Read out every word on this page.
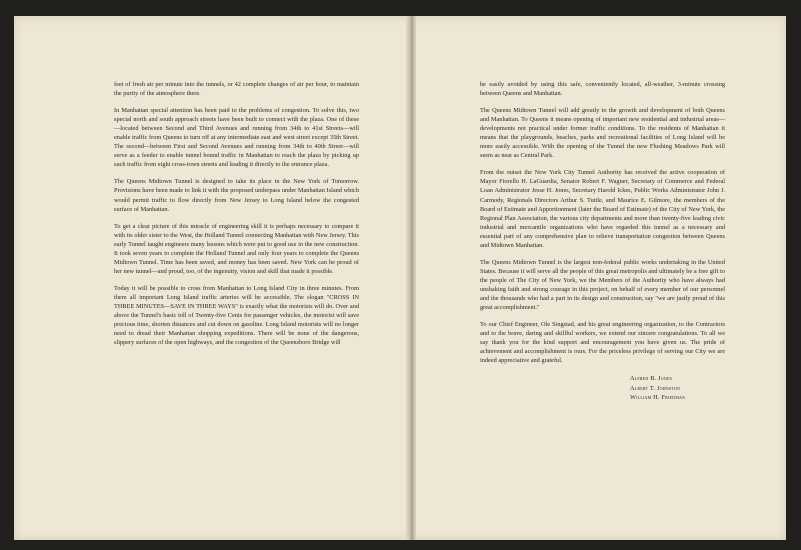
feet of fresh air per minute into the tunnels, or 42 complete changes of air per hour, to maintain the purity of the atmosphere there.

In Manhattan special attention has been paid to the problems of congestion. To solve this, two special north and south approach streets have been built to connect with the plaza. One of these—located between Second and Third Avenues and running from 34th to 41st Streets—will enable traffic from Queens to turn off at any intermediate east and west street except 35th Street. The second—between First and Second Avenues and running from 34th to 40th Street—will serve as a feeder to enable tunnel bound traffic in Manhattan to reach the plaza by picking up such traffic from eight cross-town streets and leading it directly to the entrance plaza.

The Queens Midtown Tunnel is designed to take its place in the New York of Tomorrow. Provisions have been made to link it with the proposed underpass under Manhattan Island which would permit traffic to flow directly from New Jersey to Long Island below the congested surface of Manhattan.

To get a clear picture of this miracle of engineering skill it is perhaps necessary to compare it with its older sister to the West, the Holland Tunnel connecting Manhattan with New Jersey. This early Tunnel taught engineers many lessons which were put to good use in the new construction. It took seven years to complete the Holland Tunnel and only four years to complete the Queens Midtown Tunnel. Time has been saved, and money has been saved. New York can be proud of her new tunnel—and proud, too, of the ingenuity, vision and skill that made it possible.

Today it will be possible to cross from Manhattan to Long Island City in three minutes. From there all important Long Island traffic arteries will be accessible. The slogan "CROSS IN THREE MINUTES—SAVE IN THREE WAYS" is exactly what the motorists will do. Over and above the Tunnel's basic toll of Twenty-five Cents for passenger vehicles, the motorist will save precious time, shorten distances and cut down on gasoline. Long Island motorists will no longer need to dread their Manhattan shopping expeditions. There will be none of the dangerous, slippery surfaces of the open highways, and the congestion of the Queensboro Bridge will

be easily avoided by using this safe, conveniently located, all-weather, 3-minute crossing between Queens and Manhattan.

The Queens Midtown Tunnel will add greatly to the growth and development of both Queens and Manhattan. To Queens it means opening of important new residential and industrial areas—developments not practical under former traffic conditions. To the residents of Manhattan it means that the playgrounds, beaches, parks and recreational facilities of Long Island will be more easily accessible. With the opening of the Tunnel the new Flushing Meadows Park will seem as near as Central Park.

From the outset the New York City Tunnel Authority has received the active cooperation of Mayor Fiorello H. LaGuardia, Senator Robert F. Wagner, Secretary of Commerce and Federal Loan Administrator Jesse H. Jones, Secretary Harold Ickes, Public Works Administrator John J. Carmody, Regionals Directors Arthur S. Tuttle, and Maurice E. Gilmore, the members of the Board of Estimate and Apportionment (later the Board of Estimate) of the City of New York, the Regional Plan Association, the various city departments and more than twenty-five leading civic industrial and mercantile organizations who have regarded this tunnel as a necessary and essential part of any comprehensive plan to relieve transportation congestion between Queens and Midtown Manhattan.

The Queens Midtown Tunnel is the largest non-federal public works undertaking in the United States. Because it will serve all the people of this great metropolis and ultimately be a free gift to the people of The City of New York, we the Members of the Authority who have always had unshaking faith and strong courage in this project, on behalf of every member of our personnel and the thousands who had a part in its design and construction, say "we are justly proud of this great accomplishment."

To our Chief Engineer, Ole Singstad, and his great engineering organization, to the Contractors and to the brave, daring and skillful workers, we extend our sincere congratulations. To all we say thank you for the kind support and encouragement you have given us. The pride of achievement and accomplishment is ours. For the priceless privilege of serving our City we are indeed appreciative and grateful.

Alfred B. Jones
Albert T. Johnston
William H. Friedman
